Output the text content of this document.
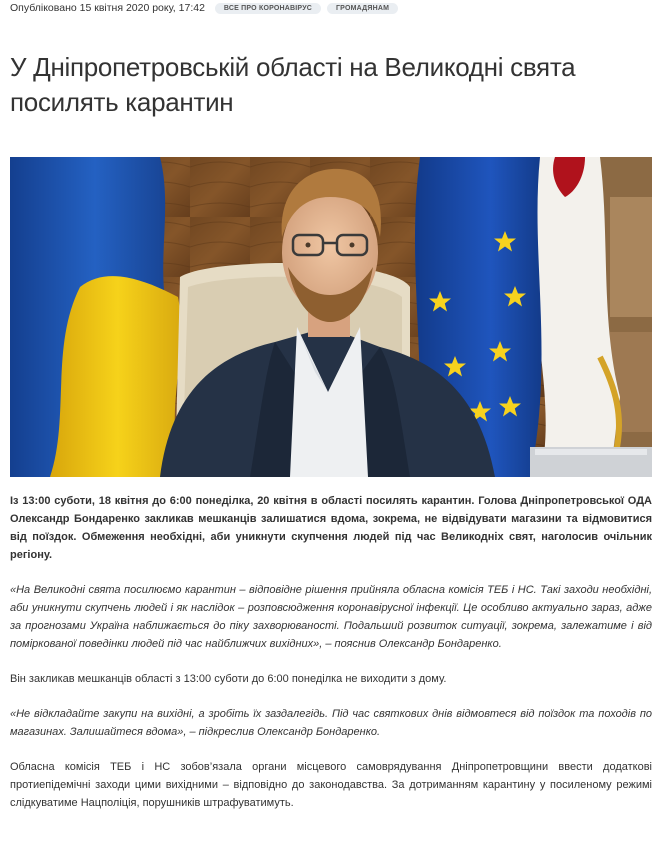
Опубліковано 15 квітня 2020 року, 17:42	ВСЕ ПРО КОРОНАВІРУС	ГРОМАДЯНАМ
У Дніпропетровській області на Великодні свята посилять карантин

Із 13:00 суботи, 18 квітня до 6:00 понеділка, 20 квітня в області посилять карантин. Голова Дніпропетровської ОДА Олександр Бондаренко закликав мешканців залишатися вдома, зокрема, не відвідувати магазини та відмовитися від поїздок. Обмеження необхідні, аби уникнути скупчення людей під час Великодніх свят, наголосив очільник регіону.

«На Великодні свята посилюємо карантин – відповідне рішення прийняла обласна комісія ТЕБ і НС. Такі заходи необхідні, аби уникнути скупчень людей і як наслідок – розповсюдження коронавірусної інфекції. Це особливо актуально зараз, адже за прогнозами Україна наближається до піку захворюваності. Подальший розвиток ситуації, зокрема, залежатиме і від поміркованої поведінки людей під час найближчих вихідних», – пояснив Олександр Бондаренко.

Він закликав мешканців області з 13:00 суботи до 6:00 понеділка не виходити з дому.

«Не відкладайте закупи на вихідні, а зробіть їх заздалегідь. Під час святкових днів відмовтеся від поїздок та походів по магазинах. Залишайтеся вдома», – підкреслив Олександр Бондаренко.

Обласна комісія ТЕБ і НС зобов’язала органи місцевого самоврядування Дніпропетровщини ввести додаткові протиепідемічні заходи цими вихідними – відповідно до законодавства. За дотриманням карантину у посиленому режимі слідкуватиме Нацполіція, порушників штрафуватимуть.
